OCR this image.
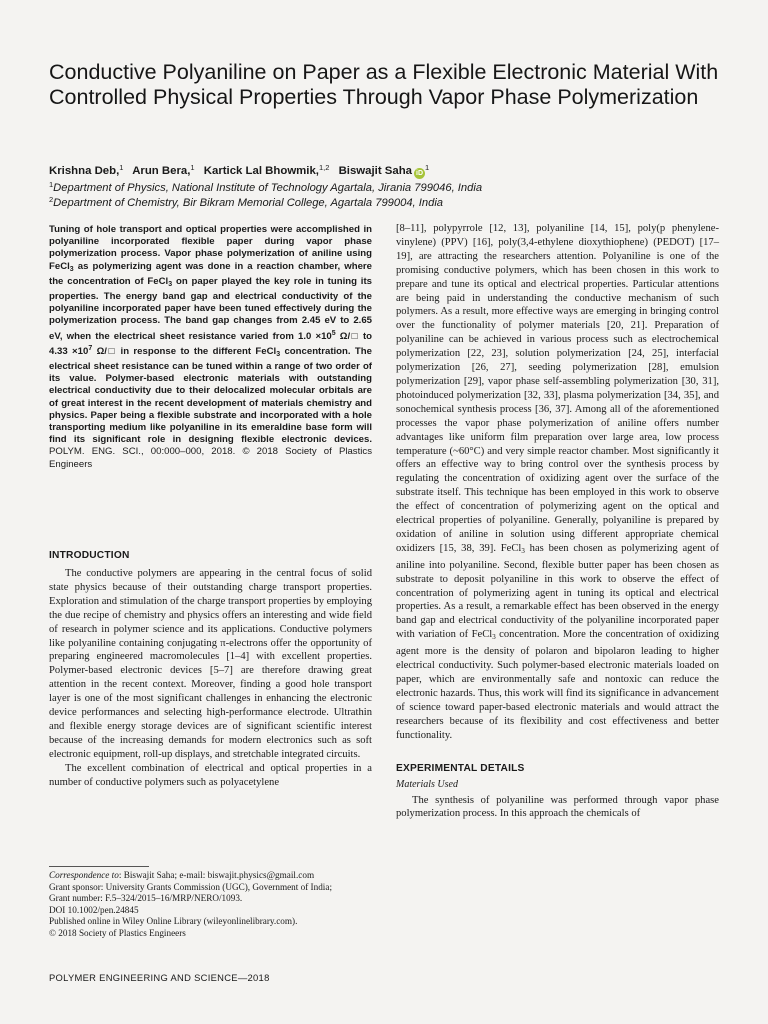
Conductive Polyaniline on Paper as a Flexible Electronic Material With Controlled Physical Properties Through Vapor Phase Polymerization
Krishna Deb,$^1$ Arun Bera,$^1$ Kartick Lal Bhowmik,$^{1,2}$ Biswajit Saha $iD^1$
$^1$Department of Physics, National Institute of Technology Agartala, Jirania 799046, India
$^2$Department of Chemistry, Bir Bikram Memorial College, Agartala 799004, India
Tuning of hole transport and optical properties were accomplished in polyaniline incorporated flexible paper during vapor phase polymerization process. Vapor phase polymerization of aniline using FeCl$_3$ as polymerizing agent was done in a reaction chamber, where the concentration of FeCl$_3$ on paper played the key role in tuning its properties. The energy band gap and electrical conductivity of the polyaniline incorporated paper have been tuned effectively during the polymerization process. The band gap changes from 2.45 eV to 2.65 eV, when the electrical sheet resistance varied from $1.0 \times 10^5$ Ω/□ to $4.33 \times 10^7$ Ω/□ in response to the different FeCl$_3$ concentration. The electrical sheet resistance can be tuned within a range of two order of its value. Polymer-based electronic materials with outstanding electrical conductivity due to their delocalized molecular orbitals are of great interest in the recent development of materials chemistry and physics. Paper being a flexible substrate and incorporated with a hole transporting medium like polyaniline in its emeraldine base form will find its significant role in designing flexible electronic devices. POLYM. ENG. SCI., 00:000–000, 2018. © 2018 Society of Plastics Engineers
INTRODUCTION

The conductive polymers are appearing in the central focus of solid state physics because of their outstanding charge transport properties. Exploration and stimulation of the charge transport properties by employing the due recipe of chemistry and physics offers an interesting and wide field of research in polymer science and its applications. Conductive polymers like polyaniline containing conjugating π-electrons offer the opportunity of preparing engineered macromolecules [1–4] with excellent properties. Polymer-based electronic devices [5–7] are therefore drawing great attention in the recent context. Moreover, finding a good hole transport layer is one of the most significant challenges in enhancing the electronic device performances and selecting high-performance electrode. Ultrathin and flexible energy storage devices are of significant scientific interest because of the increasing demands for modern electronics such as soft electronic equipment, roll-up displays, and stretchable integrated circuits.

The excellent combination of electrical and optical properties in a number of conductive polymers such as polyacetylene

Correspondence to: Biswajit Saha; e-mail: biswajit.physics@gmail.com
Grant sponsor: University Grants Commission (UGC), Government of India;
Grant number: F.5–324/2015–16/MRP/NERO/1093.
DOI 10.1002/pen.24845
Published online in Wiley Online Library (wileyonlinelibrary.com).
© 2018 Society of Plastics Engineers
POLYMER ENGINEERING AND SCIENCE—2018

[8–11], polypyrrole [12, 13], polyaniline [14, 15], poly(p phenylene-vinylene) (PPV) [16], poly(3,4-ethylene dioxythiophene) (PEDOT) [17–19], are attracting the researchers attention. Polyaniline is one of the promising conductive polymers, which has been chosen in this work to prepare and tune its optical and electrical properties. Particular attentions are being paid in understanding the conductive mechanism of such polymers. As a result, more effective ways are emerging in bringing control over the functionality of polymer materials [20, 21]. Preparation of polyaniline can be achieved in various process such as electrochemical polymerization [22, 23], solution polymerization [24, 25], interfacial polymerization [26, 27], seeding polymerization [28], emulsion polymerization [29], vapor phase self-assembling polymerization [30, 31], photoinduced polymerization [32, 33], plasma polymerization [34, 35], and sonochemical synthesis process [36, 37]. Among all of the aforementioned processes the vapor phase polymerization of aniline offers number advantages like uniform film preparation over large area, low process temperature (~60°C) and very simple reactor chamber. Most significantly it offers an effective way to bring control over the synthesis process by regulating the concentration of oxidizing agent over the surface of the substrate itself. This technique has been employed in this work to observe the effect of concentration of polymerizing agent on the optical and electrical properties of polyaniline. Generally, polyaniline is prepared by oxidation of aniline in solution using different appropriate chemical oxidizers [15, 38, 39]. FeCl$_3$ has been chosen as polymerizing agent of aniline into polyaniline. Second, flexible butter paper has been chosen as substrate to deposit polyaniline in this work to observe the effect of concentration of polymerizing agent in tuning its optical and electrical properties. As a result, a remarkable effect has been observed in the energy band gap and electrical conductivity of the polyaniline incorporated paper with variation of FeCl$_3$ concentration. More the concentration of oxidizing agent more is the density of polaron and bipolaron leading to higher electrical conductivity. Such polymer-based electronic materials loaded on paper, which are environmentally safe and nontoxic can reduce the electronic hazards. Thus, this work will find its significance in advancement of science toward paper-based electronic materials and would attract the researchers because of its flexibility and cost effectiveness and better functionality.

EXPERIMENTAL DETAILS
Materials Used

The synthesis of polyaniline was performed through vapor phase polymerization process. In this approach the chemicals of
